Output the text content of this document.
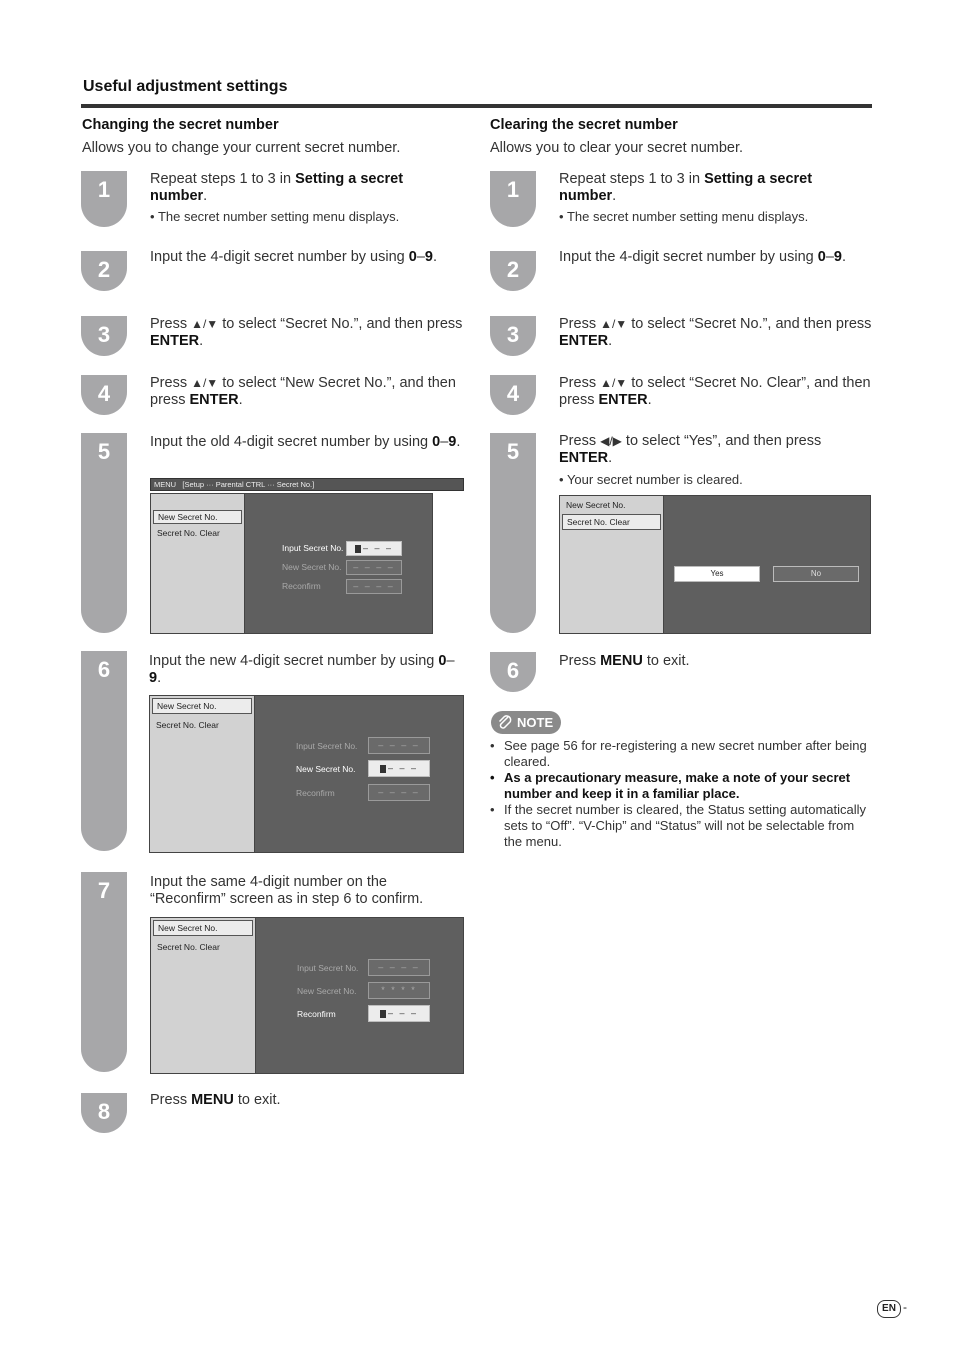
Useful adjustment settings
Changing the secret number
Allows you to change your current secret number.
1	Repeat steps 1 to 3 in Setting a secret number.
• The secret number setting menu displays.
2	Input the 4-digit secret number by using 0–9.
3	Press ▲/▼ to select “Secret No.”, and then press ENTER.
4	Press ▲/▼ to select “New Secret No.”, and then press ENTER.
5	Input the old 4-digit secret number by using 0–9.
MENU [Setup ··· Parental CTRL ··· Secret No.]
New Secret No.
Secret No. Clear
Input Secret No.	– – –
New Secret No.	– – – –
Reconfirm	– – – –
6	Input the new 4-digit secret number by using 0–9.
New Secret No.
Secret No. Clear
Input Secret No.	– – – –
New Secret No.	– – –
Reconfirm	– – – –
7	Input the same 4-digit number on the “Reconfirm” screen as in step 6 to confirm.
New Secret No.
Secret No. Clear
Input Secret No.	– – – –
New Secret No.	* * * *
Reconfirm	– – –
8	Press MENU to exit.
Clearing the secret number
Allows you to clear your secret number.
1	Repeat steps 1 to 3 in Setting a secret number.
• The secret number setting menu displays.
2	Input the 4-digit secret number by using 0–9.
3	Press ▲/▼ to select “Secret No.”, and then press ENTER.
4	Press ▲/▼ to select “Secret No. Clear”, and then press ENTER.
5	Press ◀/▶ to select “Yes”, and then press ENTER.
• Your secret number is cleared.
New Secret No.
Secret No. Clear
Yes	No
6	Press MENU to exit.
NOTE
• See page 56 for re-registering a new secret number after being cleared.
• As a precautionary measure, make a note of your secret number and keep it in a familiar place.
• If the secret number is cleared, the Status setting automatically sets to “Off”. “V-Chip” and “Status” will not be selectable from the menu.
EN -
